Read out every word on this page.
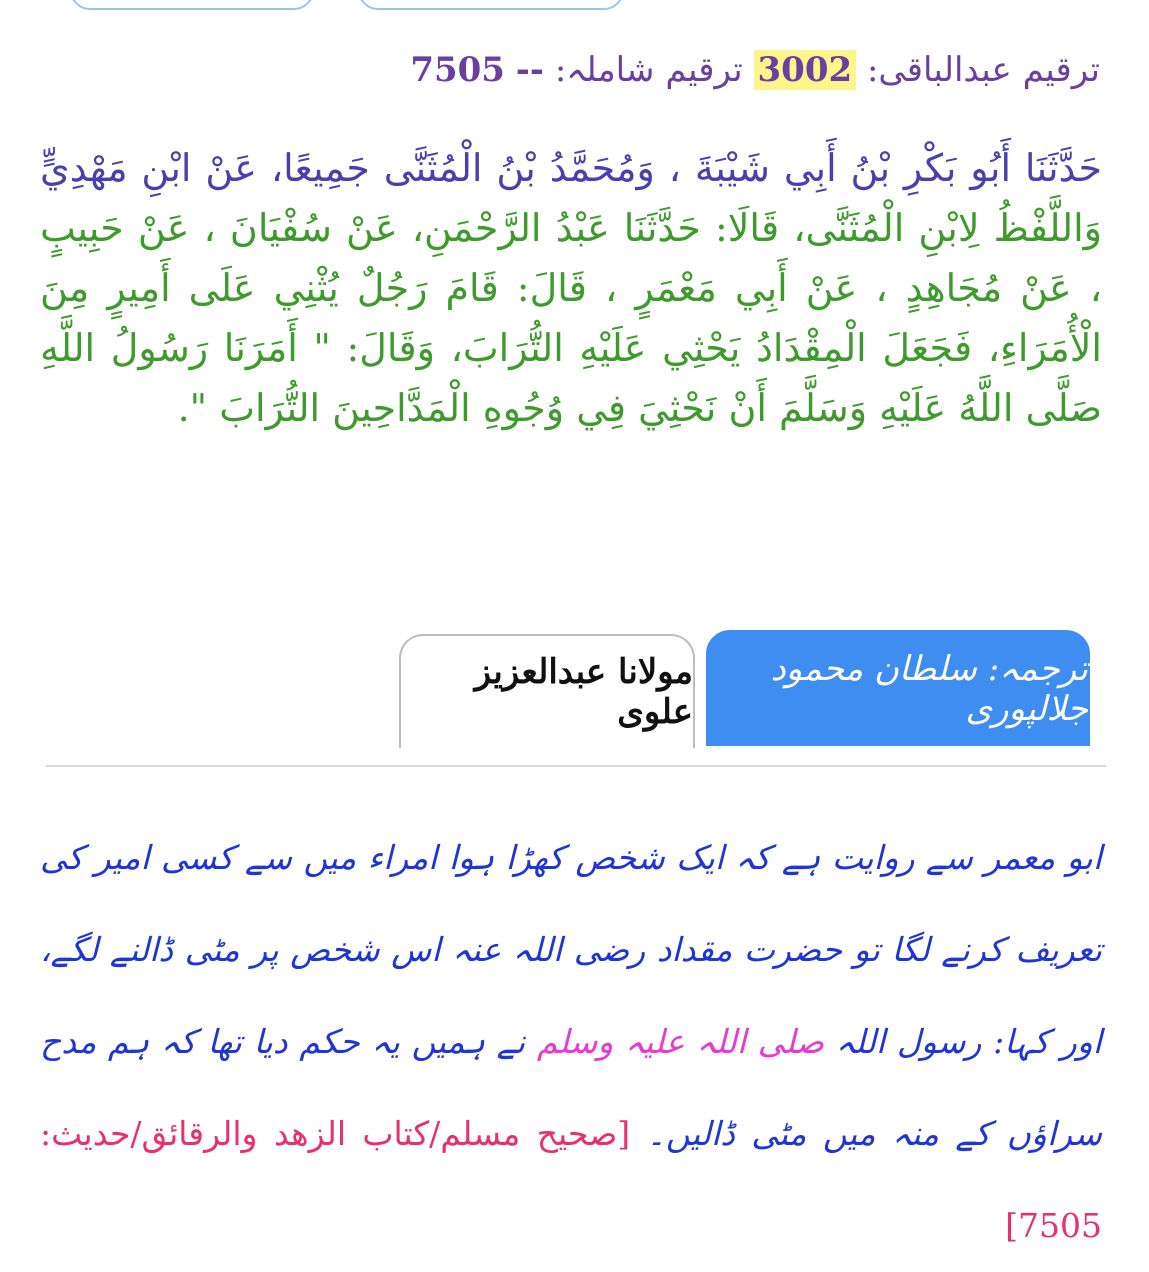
ترقیم عبدالباقی: 3002 ترقیم شاملہ: -- 7505
حَدَّثَنَا أَبُو بَكْرِ بْنُ أَبِي شَيْبَةَ ، وَمُحَمَّدُ بْنُ الْمُثَنَّى جَمِيعًا، عَنْ ابْنِ مَهْدِيٍّ وَاللَّفْظُ لِابْنِ الْمُثَنَّى، قَالَا: حَدَّثَنَا عَبْدُ الرَّحْمَنِ، عَنْ سُفْيَانَ ، عَنْ حَبِيبٍ ، عَنْ مُجَاهِدٍ ، عَنْ أَبِي مَعْمَرٍ ، قَالَ: قَامَ رَجُلٌ يُثْنِي عَلَى أَمِيرٍ مِنَ الْأُمَرَاءِ، فَجَعَلَ الْمِقْدَادُ يَحْثِي عَلَيْهِ التُّرَابَ، وَقَالَ: " أَمَرَنَا رَسُولُ اللَّهِ صَلَّى اللَّهُ عَلَيْهِ وَسَلَّمَ أَنْ نَحْثِيَ فِي وُجُوهِ الْمَدَّاحِينَ التُّرَابَ ".
ترجمہ: سلطان محمود جلالپوری
مولانا عبدالعزیز علوی
ابو معمر سے روایت ہے کہ ایک شخص کھڑا ہوا امراء میں سے کسی امیر کی تعریف کرنے لگا تو حضرت مقداد رضی اللہ عنہ اس شخص پر مٹی ڈالنے لگے، اور کہا: رسول اللہ صلی اللہ علیہ وسلم نے ہمیں یہ حکم دیا تھا کہ ہم مدح سراؤں کے منہ میں مٹی ڈالیں۔ [صحيح مسلم/كتاب الزهد والرقائق/حدیث: 7505]
